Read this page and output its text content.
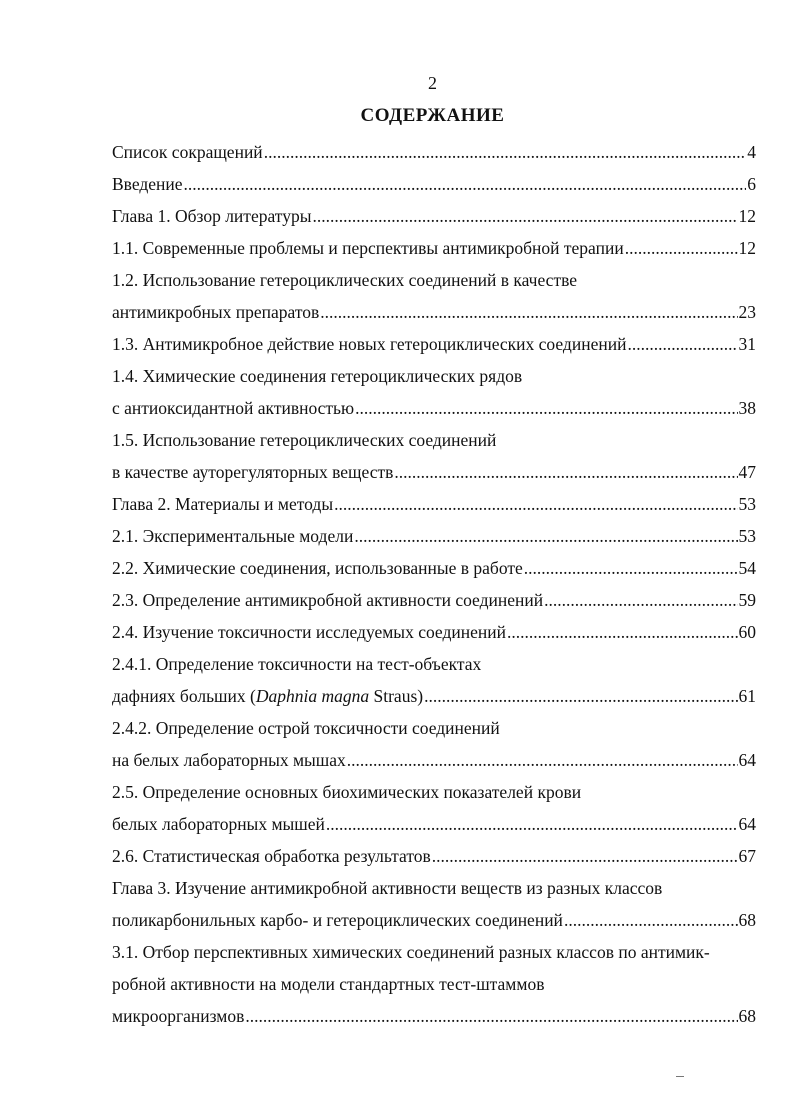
2
СОДЕРЖАНИЕ
Список сокращений .....	4
Введение .....	6
Глава 1. Обзор литературы .....	12
1.1. Современные проблемы и перспективы антимикробной терапии .....	12
1.2. Использование гетероциклических соединений в качестве
антимикробных препаратов .....	23
1.3. Антимикробное действие новых гетероциклических соединений .....	31
1.4. Химические соединения гетероциклических рядов
с антиоксидантной активностью .....	38
1.5. Использование гетероциклических соединений
в качестве ауторегуляторных веществ .....	47
Глава 2. Материалы и методы .....	53
2.1. Экспериментальные модели .....	53
2.2. Химические соединения, использованные в работе .....	54
2.3. Определение антимикробной активности соединений .....	59
2.4. Изучение токсичности исследуемых соединений .....	60
2.4.1. Определение токсичности на тест-объектах
дафниях больших (Daphnia magna Straus) .....	61
2.4.2. Определение острой токсичности соединений
на белых лабораторных мышах .....	64
2.5. Определение основных биохимических показателей крови
белых лабораторных мышей .....	64
2.6. Статистическая обработка результатов .....	67
Глава 3. Изучение антимикробной активности веществ из разных классов
поликарбонильных карбо- и гетероциклических соединений .....	68
3.1. Отбор перспективных химических соединений разных классов по антимик-
робной активности на модели стандартных тест-штаммов
микроорганизмов .....	68
